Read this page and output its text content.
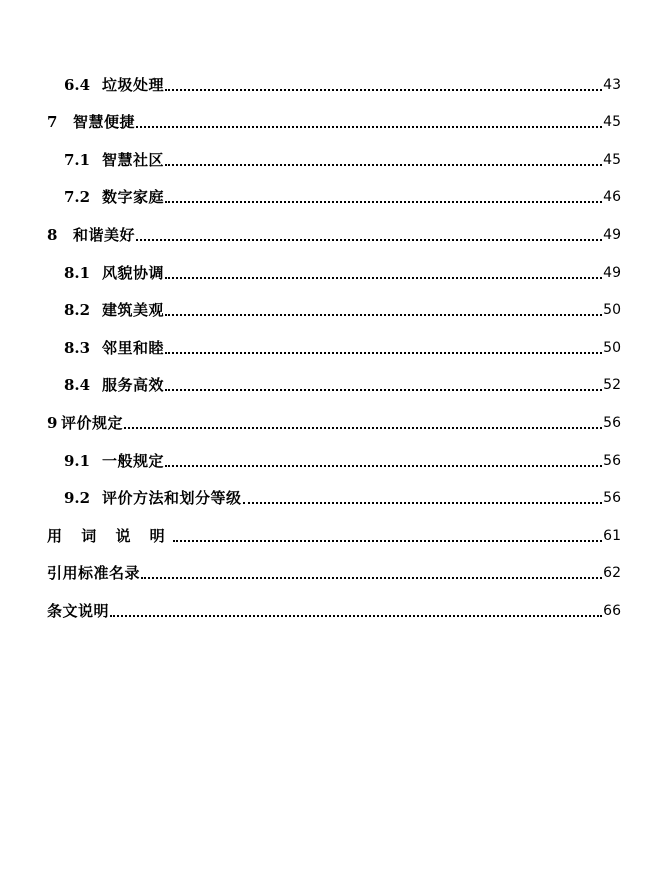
6.4 垃圾处理	43
7	智慧便捷	45
7.1 智慧社区	45
7.2 数字家庭	46
8	和谐美好	49
8.1 风貌协调	49
8.2 建筑美观	50
8.3 邻里和睦	50
8.4 服务高效	52
9 评价规定	56
9.1 一般规定	56
9.2 评价方法和划分等级	56
用 词 说 明	61
引用标准名录	62
条文说明	66
